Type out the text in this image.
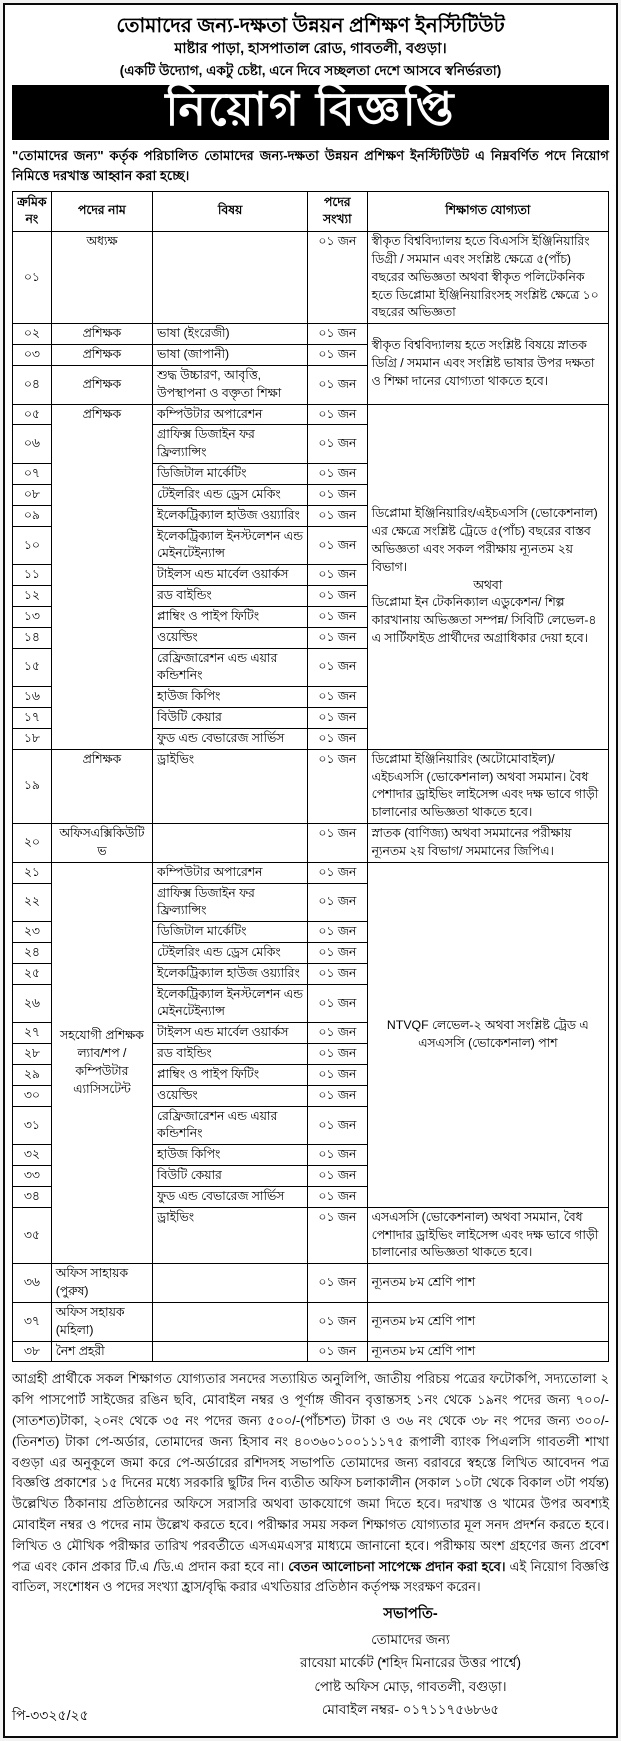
তোমাদের জন্য-দক্ষতা উন্নয়ন প্রশিক্ষণ ইনস্টিটিউট
মাষ্টার পাড়া, হাসপাতাল রোড, গাবতলী, বগুড়া।
(একটি উদ্যোগ, একটু চেষ্টা, এনে দিবে সচ্ছলতা দেশে আসবে স্বনির্ভরতা)
নিয়োগ বিজ্ঞপ্তি

"তোমাদের জন্য" কর্তৃক পরিচালিত তোমাদের জন্য-দক্ষতা উন্নয়ন প্রশিক্ষণ ইনস্টিটিউট এ নিম্নবর্ণিত পদে নিয়োগ নিমিত্তে দরখাস্ত আহ্বান করা হচ্ছে।

ক্রমিক নং	পদের নাম	বিষয়	পদের সংখ্যা	শিক্ষাগত যোগ্যতা
০১	অধ্যক্ষ		০১ জন	স্বীকৃত বিশ্ববিদ্যালয় হতে বিএসসি ইঞ্জিনিয়ারিং ডিগ্রী / সমমান এবং সংশ্লিষ্ট ক্ষেত্রে ৫(পাঁচ) বছরের অভিজ্ঞতা অথবা স্বীকৃত পলিটেকনিক হতে ডিপ্লোমা ইঞ্জিনিয়ারিংসহ সংশ্লিষ্ট ক্ষেত্রে ১০ বছরের অভিজ্ঞতা
০২	প্রশিক্ষক	ভাষা (ইংরেজী)	০১ জন	স্বীকৃত বিশ্ববিদ্যালয় হতে সংশ্লিষ্ট বিষয়ে স্নাতক ডিগ্রি / সমমান এবং সংশ্লিষ্ট ভাষার উপর দক্ষতা ও শিক্ষা দানের যোগ্যতা থাকতে হবে।
০৩	প্রশিক্ষক	ভাষা (জাপানী)	০১ জন	
০৪	প্রশিক্ষক	শুদ্ধ উচ্চারণ, আবৃত্তি, উপস্থাপনা ও বক্তৃতা শিক্ষা	০১ জন	
০৫	প্রশিক্ষক	কম্পিউটার অপারেশন	০১ জন	ডিপ্লোমা ইঞ্জিনিয়ারিং/এইচএসসি (ভোকেশনাল) এর ক্ষেত্রে সংশ্লিষ্ট ট্রেডে ৫(পাঁচ) বছরের বাস্তব অভিজ্ঞতা এবং সকল পরীক্ষায় ন্যূনতম ২য় বিভাগ।
অথবা
ডিপ্লোমা ইন টেকনিক্যাল এডুকেশন/ শিল্প কারখানায় অভিজ্ঞতা সম্পন্ন/ সিবিটি লেভেল-৪ এ সার্টিফাইড প্রার্থীদের অগ্রাধিকার দেয়া হবে।

০৬		গ্রাফিক্স ডিজাইন ফর ফ্রিল্যান্সিং	০১ জন	
০৭		ডিজিটাল মার্কেটিং	০১ জন	
০৮		টেইলরিং এন্ড ড্রেস মেকিং	০১ জন	
০৯		ইলেকট্রিক্যাল হাউজ ওয়্যারিং	০১ জন	
১০		ইলেকট্রিক্যাল ইনস্টলেশন এন্ড মেইনটেইন্যান্স	০১ জন	
১১		টাইলস এন্ড মার্বেল ওয়ার্কস	০১ জন	
১২		রড বাইন্ডিং	০১ জন	
১৩		প্লাম্বিং ও পাইপ ফিটিং	০১ জন	
১৪		ওয়েল্ডিং	০১ জন	
১৫		রেফ্রিজারেশন এন্ড এয়ার কন্ডিশনিং	০১ জন	
১৬		হাউজ কিপিং	০১ জন	
১৭		বিউটি কেয়ার	০১ জন	
১৮		ফুড এন্ড বেভারেজ সার্ভিস	০১ জন	
১৯	প্রশিক্ষক	ড্রাইভিং	০১ জন	ডিপ্লোমা ইঞ্জিনিয়ারিং (অটোমোবাইল)/এইচএসসি (ভোকেশনাল) অথবা সমমান। বৈধ পেশাদার ড্রাইভিং লাইসেন্স এবং দক্ষ ভাবে গাড়ী চালানোর অভিজ্ঞতা থাকতে হবে।
২০	অফিসএক্সিকিউটিভ		০১ জন	স্নাতক (বাণিজ্য) অথবা সমমানের পরীক্ষায় ন্যূনতম ২য় বিভাগ/ সমমানের জিপিএ।
২১	সহযোগী প্রশিক্ষক
ল্যাব/শপ / কম্পিউটার
এ্যাসিসটেন্ট	কম্পিউটার অপারেশন	০১ জন	NTVQF লেভেল-২ অথবা সংশ্লিষ্ট ট্রেড এ এসএসসি (ভোকেশনাল) পাশ
২২		গ্রাফিক্স ডিজাইন ফর ফ্রিল্যান্সিং	০১ জন	
২৩		ডিজিটাল মার্কেটিং	০১ জন	
২৪		টেইলরিং এন্ড ড্রেস মেকিং	০১ জন	
২৫		ইলেকট্রিক্যাল হাউজ ওয়্যারিং	০১ জন	
২৬		ইলেকট্রিক্যাল ইনস্টলেশন এন্ড মেইনটেইন্যান্স	০১ জন	
২৭		টাইলস এন্ড মার্বেল ওয়ার্কস	০১ জন	
২৮		রড বাইন্ডিং	০১ জন	
২৯		প্লাম্বিং ও পাইপ ফিটিং	০১ জন	
৩০		ওয়েল্ডিং	০১ জন	
৩১		রেফ্রিজারেশন এন্ড এয়ার কন্ডিশনিং	০১ জন	
৩২		হাউজ কিপিং	০১ জন	
৩৩		বিউটি কেয়ার	০১ জন	
৩৪		ফুড এন্ড বেভারেজ সার্ভিস	০১ জন	
৩৫		ড্রাইভিং	০১ জন	এসএসসি (ভোকেশনাল) অথবা সমমান, বৈধ পেশাদার ড্রাইভিং লাইসেন্স এবং দক্ষ ভাবে গাড়ী চালানোর অভিজ্ঞতা থাকতে হবে।
৩৬	অফিস সাহায়ক (পুরুষ)		০১ জন	ন্যূনতম ৮ম শ্রেণি পাশ
৩৭	অফিস সহায়ক (মহিলা)		০১ জন	ন্যূনতম ৮ম শ্রেণি পাশ
৩৮	নৈশ প্রহরী		০১ জন	ন্যূনতম ৮ম শ্রেণি পাশ

আগ্রহী প্রার্থীকে সকল শিক্ষাগত যোগ্যতার সনদের সত্যায়িত অনুলিপি, জাতীয় পরিচয় পত্রের ফটোকপি, সদ্যতোলা ২ কপি পাসপোর্ট সাইজের রঙিন ছবি, মোবাইল নম্বর ও পূর্ণাঙ্গ জীবন বৃত্তান্তসহ ১নং থেকে ১৯নং পদের জন্য ৭০০/-(সাতশত)টাকা, ২০নং থেকে ৩৫ নং পদের জন্য ৫০০/-(পাঁচশত) টাকা ও ৩৬ নং থেকে ৩৮ নং পদের জন্য ৩০০/-(তিনশত) টাকা পে-অর্ডার, তোমাদের জন্য হিসাব নং ৪০৩৬০১০০১১১৭৫ রূপালী ব্যাংক পিএলসি গাবতলী শাখা বগুড়া এর অনুকূলে জমা করে পে-অর্ডারের রশিদসহ সভাপতি তোমাদের জন্য বরাবরে স্বহস্তে লিখিত আবেদন পত্র বিজ্ঞপ্তি প্রকাশের ১৫ দিনের মধ্যে সরকারি ছুটির দিন ব্যতীত অফিস চলাকালীন (সকাল ১০টা থেকে বিকাল ৩টা পর্যন্ত) উল্লেখিত ঠিকানায় প্রতিষ্ঠানের অফিসে সরাসরি অথবা ডাকযোগে জমা দিতে হবে। দরখাস্ত ও খামের উপর অবশ্যই মোবাইল নম্বর ও পদের নাম উল্লেখ করতে হবে। পরীক্ষার সময় সকল শিক্ষাগত যোগ্যতার মূল সনদ প্রদর্শন করতে হবে। লিখিত ও মৌখিক পরীক্ষার তারিখ পরবর্তীতে এসএমএস'র মাধ্যমে জানানো হবে। পরীক্ষায় অংশ গ্রহণের জন্য প্রবেশ পত্র এবং কোন প্রকার টি.এ /ডি.এ প্রদান করা হবে না। বেতন আলোচনা সাপেক্ষে প্রদান করা হবে। এই নিয়োগ বিজ্ঞপ্তি বাতিল, সংশোধন ও পদের সংখ্যা হ্রাস/বৃদ্ধি করার এখতিয়ার প্রতিষ্ঠান কর্তৃপক্ষ সংরক্ষণ করেন।

পি-৩৩২৫/২৫
সভাপতি-
তোমাদের জন্য
রাবেয়া মার্কেট (শহিদ মিনারের উত্তর পার্শ্বে)
পোষ্ট অফিস মোড়, গাবতলী, বগুড়া।
মোবাইল নম্বর- ০১৭১১৭৫৬৮৬৫
